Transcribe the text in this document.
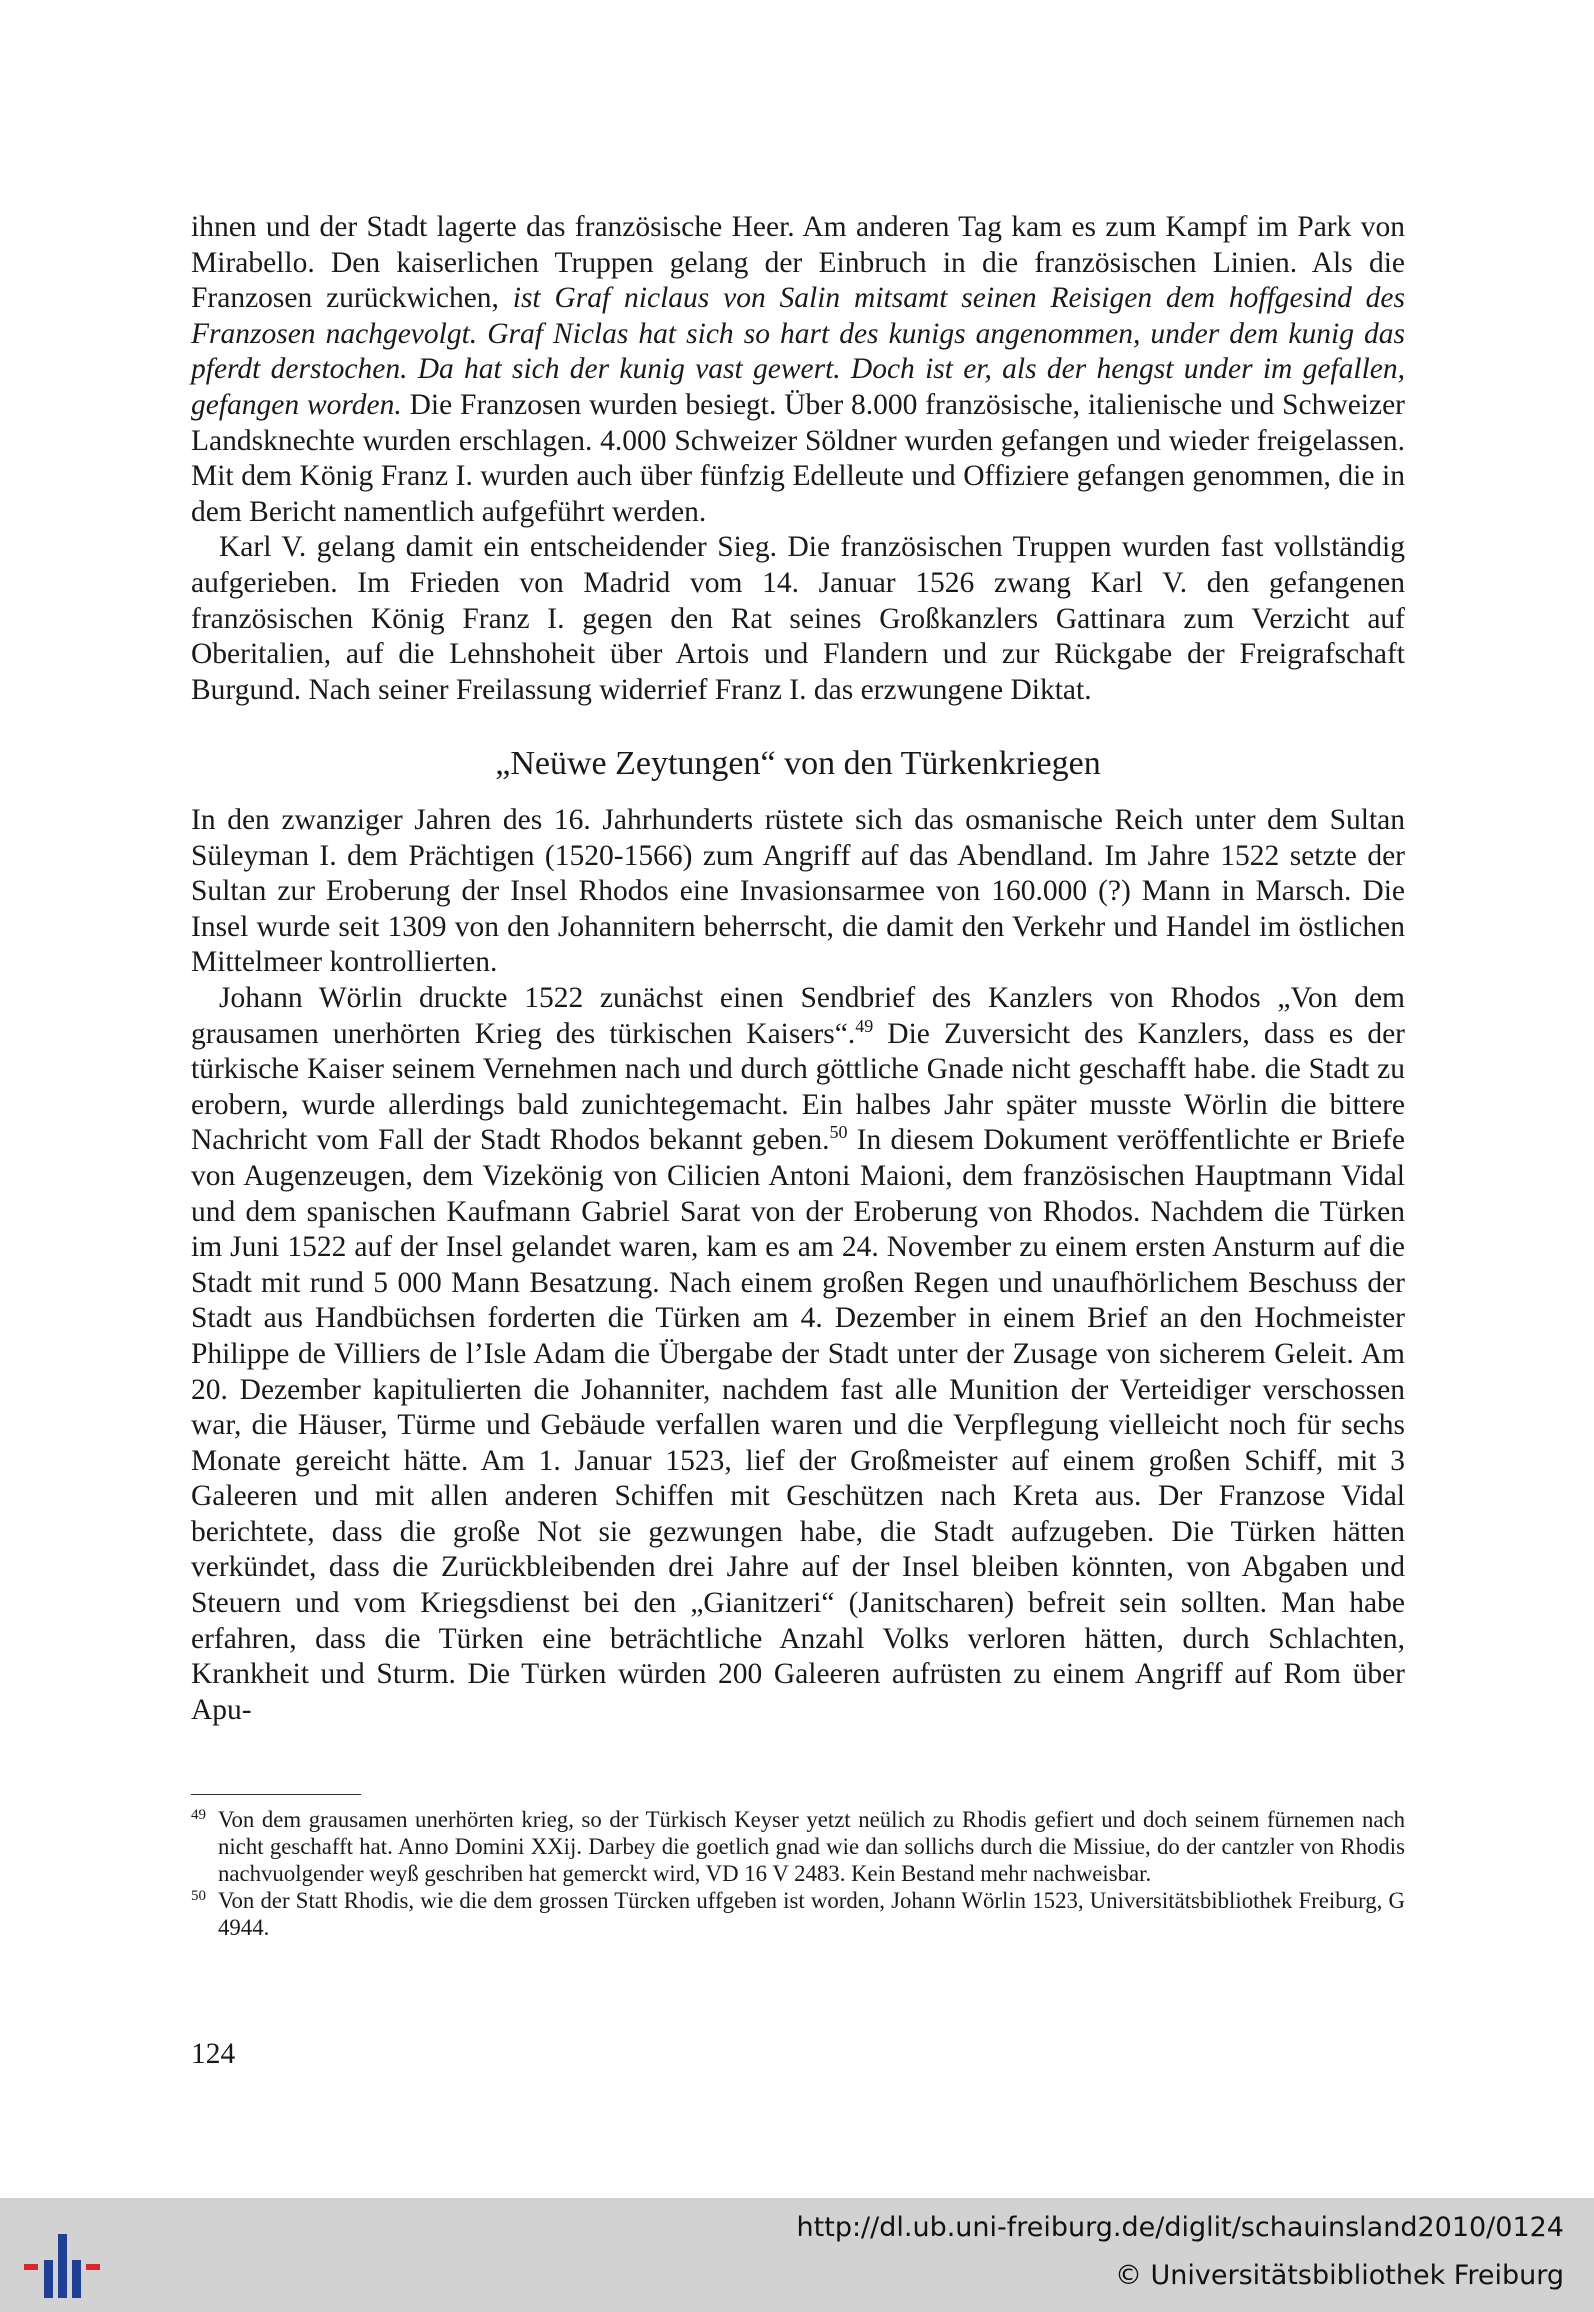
ihnen und der Stadt lagerte das französische Heer. Am anderen Tag kam es zum Kampf im Park von Mirabello. Den kaiserlichen Truppen gelang der Einbruch in die französischen Linien. Als die Franzosen zurückwichen, ist Graf niclaus von Salin mitsamt seinen Reisigen dem hoffgesind des Franzosen nachgevolgt. Graf Niclas hat sich so hart des kunigs angenommen, under dem kunig das pferdt derstochen. Da hat sich der kunig vast gewert. Doch ist er, als der hengst under im gefallen, gefangen worden. Die Franzosen wurden besiegt. Über 8.000 französische, italienische und Schweizer Landsknechte wurden erschlagen. 4.000 Schweizer Söldner wurden gefangen und wieder freigelassen. Mit dem König Franz I. wurden auch über fünfzig Edelleute und Offiziere gefangen genommen, die in dem Bericht namentlich aufgeführt werden.

Karl V. gelang damit ein entscheidender Sieg. Die französischen Truppen wurden fast vollständig aufgerieben. Im Frieden von Madrid vom 14. Januar 1526 zwang Karl V. den gefangenen französischen König Franz I. gegen den Rat seines Großkanzlers Gattinara zum Verzicht auf Oberitalien, auf die Lehnshoheit über Artois und Flandern und zur Rückgabe der Freigrafschaft Burgund. Nach seiner Freilassung widerrief Franz I. das erzwungene Diktat.

„Neüwe Zeytungen“ von den Türkenkriegen

In den zwanziger Jahren des 16. Jahrhunderts rüstete sich das osmanische Reich unter dem Sultan Süleyman I. dem Prächtigen (1520-1566) zum Angriff auf das Abendland. Im Jahre 1522 setzte der Sultan zur Eroberung der Insel Rhodos eine Invasionsarmee von 160.000 (?) Mann in Marsch. Die Insel wurde seit 1309 von den Johannitern beherrscht, die damit den Verkehr und Handel im östlichen Mittelmeer kontrollierten.

Johann Wörlin druckte 1522 zunächst einen Sendbrief des Kanzlers von Rhodos „Von dem grausamen unerhörten Krieg des türkischen Kaisers“.$^{49}$ Die Zuversicht des Kanzlers, dass es der türkische Kaiser seinem Vernehmen nach und durch göttliche Gnade nicht geschafft habe. die Stadt zu erobern, wurde allerdings bald zunichtegemacht. Ein halbes Jahr später musste Wörlin die bittere Nachricht vom Fall der Stadt Rhodos bekannt geben.$^{50}$ In diesem Dokument veröffentlichte er Briefe von Augenzeugen, dem Vizekönig von Cilicien Antoni Maioni, dem französischen Hauptmann Vidal und dem spanischen Kaufmann Gabriel Sarat von der Eroberung von Rhodos. Nachdem die Türken im Juni 1522 auf der Insel gelandet waren, kam es am 24. November zu einem ersten Ansturm auf die Stadt mit rund 5 000 Mann Besatzung. Nach einem großen Regen und unaufhörlichem Beschuss der Stadt aus Handbüchsen forderten die Türken am 4. Dezember in einem Brief an den Hochmeister Philippe de Villiers de l’Isle Adam die Übergabe der Stadt unter der Zusage von sicherem Geleit. Am 20. Dezember kapitulierten die Johanniter, nachdem fast alle Munition der Verteidiger verschossen war, die Häuser, Türme und Gebäude verfallen waren und die Verpflegung vielleicht noch für sechs Monate gereicht hätte. Am 1. Januar 1523, lief der Großmeister auf einem großen Schiff, mit 3 Galeeren und mit allen anderen Schiffen mit Geschützen nach Kreta aus. Der Franzose Vidal berichtete, dass die große Not sie gezwungen habe, die Stadt aufzugeben. Die Türken hätten verkündet, dass die Zurückbleibenden drei Jahre auf der Insel bleiben könnten, von Abgaben und Steuern und vom Kriegsdienst bei den „Gianitzeri“ (Janitscharen) befreit sein sollten. Man habe erfahren, dass die Türken eine beträchtliche Anzahl Volks verloren hätten, durch Schlachten, Krankheit und Sturm. Die Türken würden 200 Galeeren aufrüsten zu einem Angriff auf Rom über Apu-

49 Von dem grausamen unerhörten krieg, so der Türkisch Keyser yetzt neülich zu Rhodis gefiert und doch seinem fürnemen nach nicht geschafft hat. Anno Domini XXij. Darbey die goetlich gnad wie dan sollichs durch die Missiue, do der cantzler von Rhodis nachvuolgender weyß geschriben hat gemerckt wird, VD 16 V 2483. Kein Bestand mehr nachweisbar.
50 Von der Statt Rhodis, wie die dem grossen Türcken uffgeben ist worden, Johann Wörlin 1523, Universitätsbibliothek Freiburg, G 4944.
124
http://dl.ub.uni-freiburg.de/diglit/schauinsland2010/0124
© Universitätsbibliothek Freiburg
